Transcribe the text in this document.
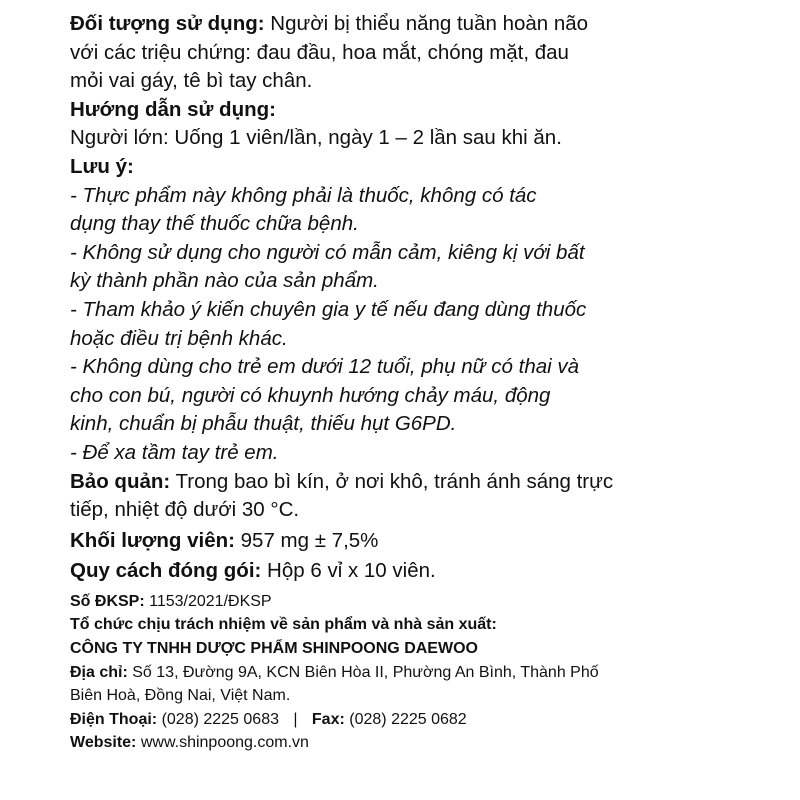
Đối tượng sử dụng: Người bị thiểu năng tuần hoàn não

với các triệu chứng: đau đầu, hoa mắt, chóng mặt, đau

mỏi vai gáy, tê bì tay chân.

Hướng dẫn sử dụng:

Người lớn: Uống 1 viên/lần, ngày 1 – 2 lần sau khi ăn.

Lưu ý:

- Thực phẩm này không phải là thuốc, không có tác

dụng thay thế thuốc chữa bệnh.

- Không sử dụng cho người có mẫn cảm, kiêng kị với bất

kỳ thành phần nào của sản phẩm.

- Tham khảo ý kiến chuyên gia y tế nếu đang dùng thuốc

hoặc điều trị bệnh khác.

- Không dùng cho trẻ em dưới 12 tuổi, phụ nữ có thai và

cho con bú, người có khuynh hướng chảy máu, động

kinh, chuẩn bị phẫu thuật, thiếu hụt G6PD.

- Để xa tầm tay trẻ em.

Bảo quản: Trong bao bì kín, ở nơi khô, tránh ánh sáng trực

tiếp, nhiệt độ dưới 30 °C.

Khối lượng viên: 957 mg ± 7,5%

Quy cách đóng gói: Hộp 6 vỉ x 10 viên.

Số ĐKSP: 1153/2021/ĐKSP

Tổ chức chịu trách nhiệm về sản phẩm và nhà sản xuất:

CÔNG TY TNHH DƯỢC PHẨM SHINPOONG DAEWOO

Địa chỉ: Số 13, Đường 9A, KCN Biên Hòa II, Phường An Bình, Thành Phố

Biên Hoà, Đồng Nai, Việt Nam.

Điện Thoại: (028) 2225 0683 | Fax: (028) 2225 0682

Website: www.shinpoong.com.vn
